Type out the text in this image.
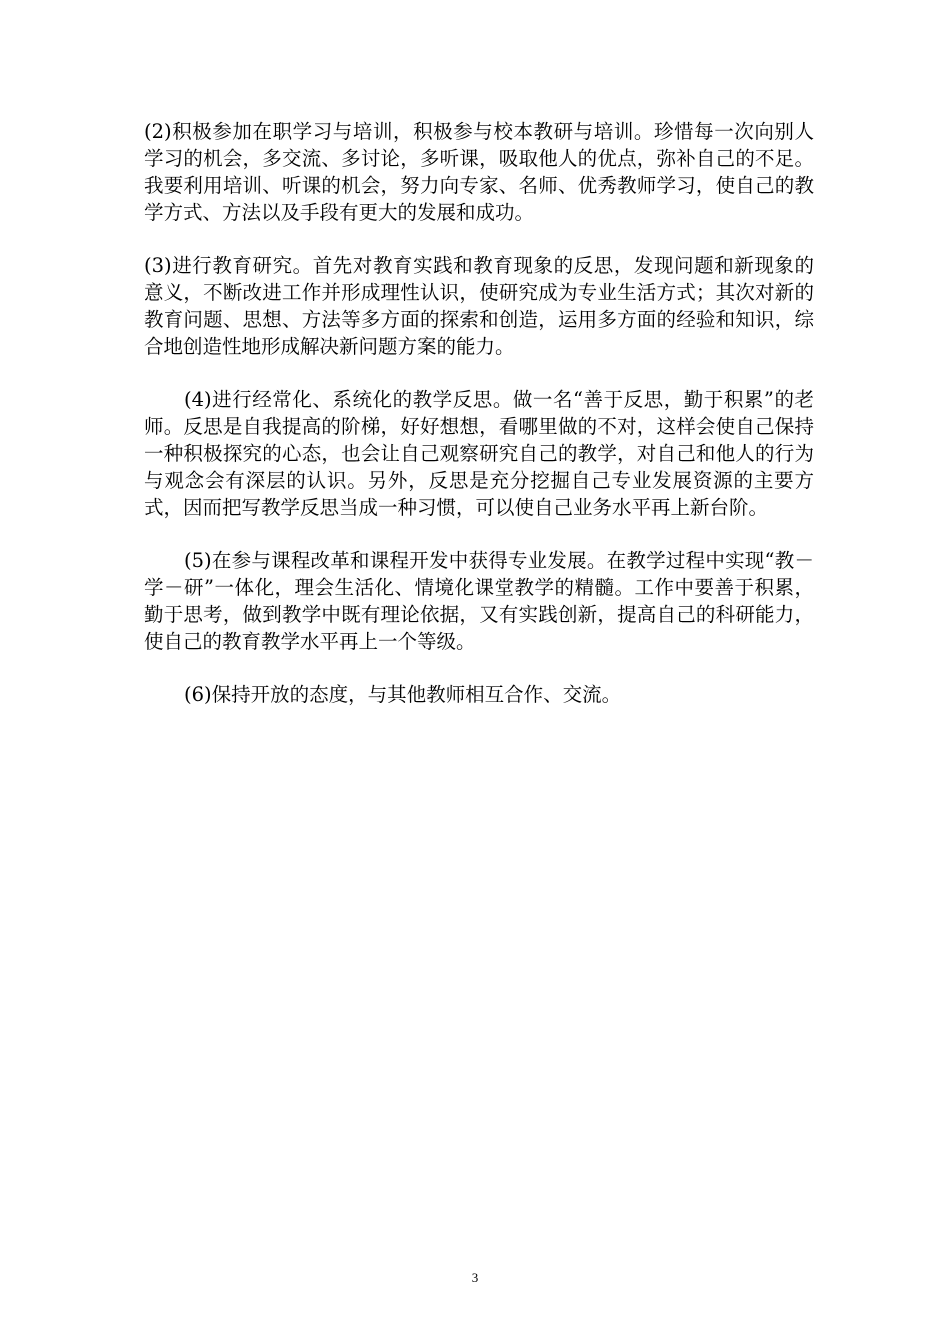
(2)积极参加在职学习与培训，积极参与校本教研与培训。珍惜每一次向别人学习的机会，多交流、多讨论，多听课，吸取他人的优点，弥补自己的不足。我要利用培训、听课的机会，努力向专家、名师、优秀教师学习，使自己的教学方式、方法以及手段有更大的发展和成功。

(3)进行教育研究。首先对教育实践和教育现象的反思，发现问题和新现象的意义，不断改进工作并形成理性认识，使研究成为专业生活方式；其次对新的教育问题、思想、方法等多方面的探索和创造，运用多方面的经验和知识，综合地创造性地形成解决新问题方案的能力。

(4)进行经常化、系统化的教学反思。做一名“善于反思，勤于积累”的老师。反思是自我提高的阶梯，好好想想，看哪里做的不对，这样会使自己保持一种积极探究的心态，也会让自己观察研究自己的教学，对自己和他人的行为与观念会有深层的认识。另外，反思是充分挖掘自己专业发展资源的主要方式，因而把写教学反思当成一种习惯，可以使自己业务水平再上新台阶。

(5)在参与课程改革和课程开发中获得专业发展。在教学过程中实现“教－学－研”一体化，理会生活化、情境化课堂教学的精髓。工作中要善于积累，勤于思考，做到教学中既有理论依据，又有实践创新，提高自己的科研能力，使自己的教育教学水平再上一个等级。

(6)保持开放的态度，与其他教师相互合作、交流。

3
